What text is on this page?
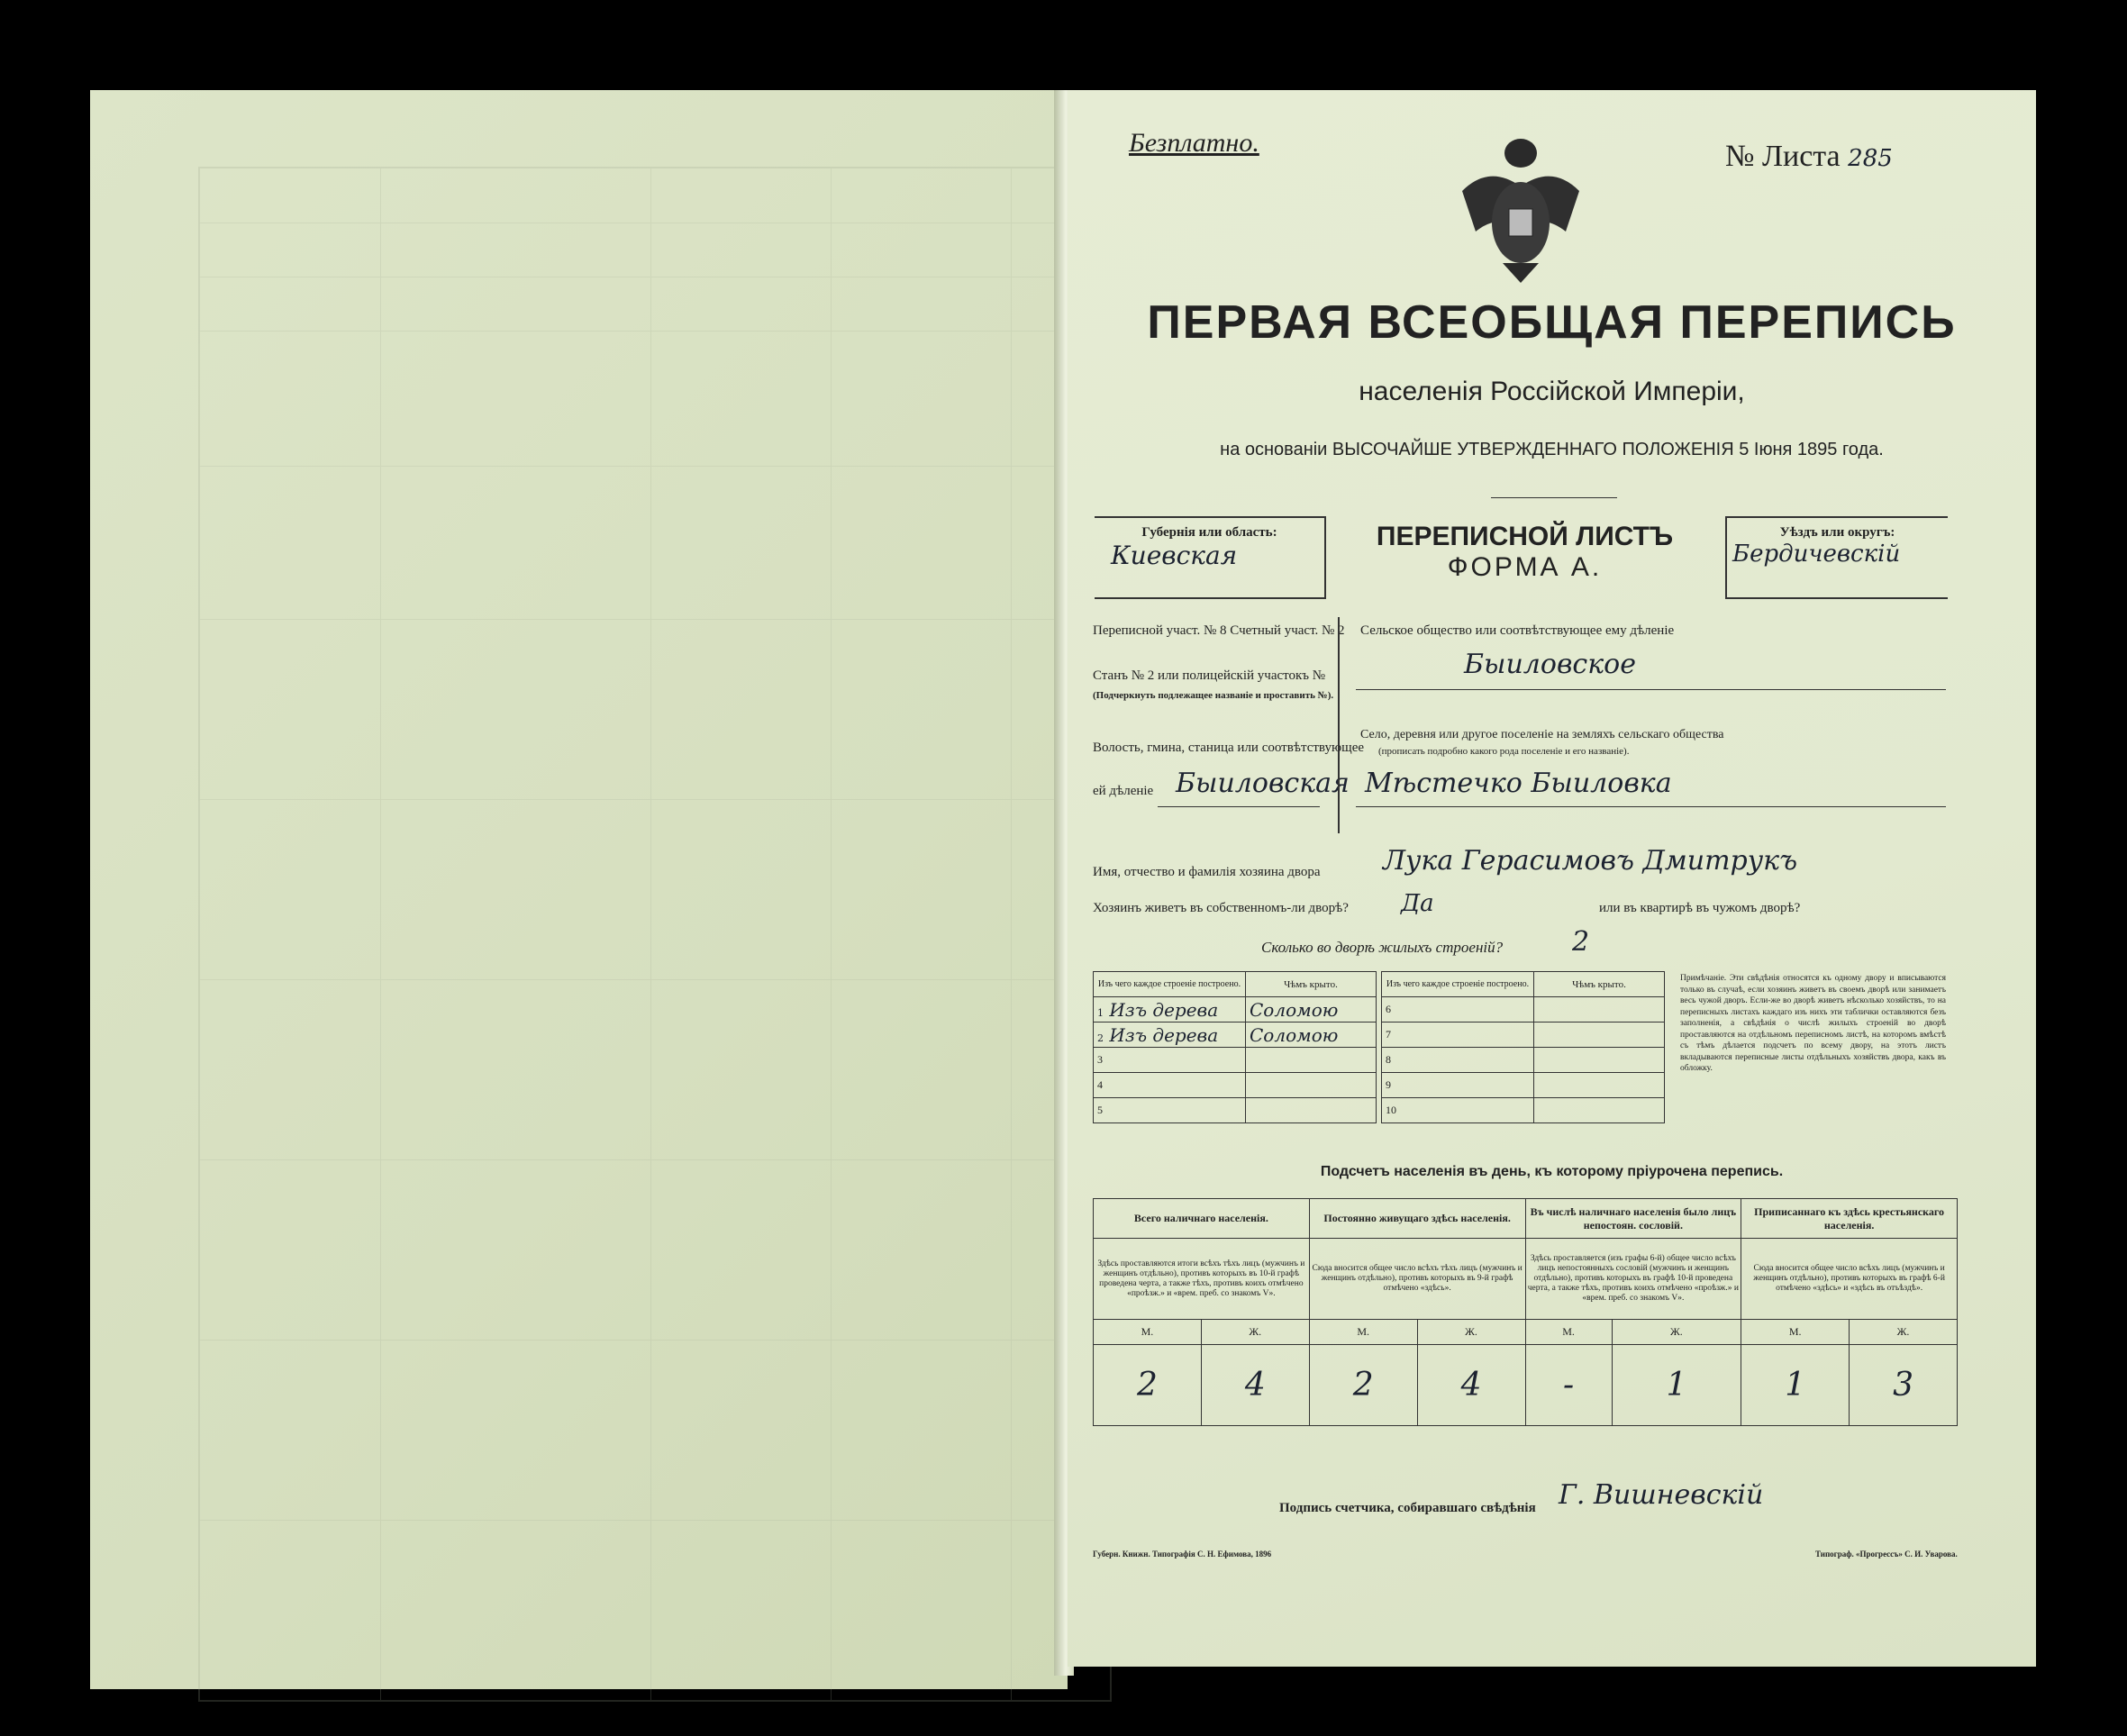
Безплатно.	№ Листа 285
ПЕРВАЯ ВСЕОБЩАЯ ПЕРЕПИСЬ
населенія Россійской Имперіи,
на основаніи ВЫСОЧАЙШЕ УТВЕРЖДЕННАГО ПОЛОЖЕНІЯ 5 Іюня 1895 года.
Губернія или область:
Киевская
ПЕРЕПИСНОЙ ЛИСТЪ
ФОРМА А.
Уѣздъ или округъ:
Бердичевскій
Переписной участ. № 8 Счетный участ. № 2
Станъ № 2 или полицейскій участокъ №
(Подчеркнуть подлежащее названіе и проставить №).
Волость, гмина, станица или соотвѣтствующее
ей дѣленіе Быиловская
Сельское общество или соотвѣтствующее ему дѣленіе
Быиловское
Село, деревня или другое поселеніе на земляхъ сельскаго общества
(прописать подробно какого рода поселеніе и его названіе).
Мѣстечко Быиловка
Имя, отчество и фамилія хозяина двора Лука Герасимовъ Дмитрукъ
Хозяинъ живетъ въ собственномъ-ли дворѣ? Да	или въ квартирѣ въ чужомъ дворѣ?
Сколько во дворѣ жилыхъ строеній?	2
Изъ чего каждое строеніе построено.	Чѣмъ крыто.
1 Изъ дерева	Соломою
2 Изъ дерева	Соломою
3	
4	
5	
Изъ чего каждое строеніе построено.	Чѣмъ крыто.
6	
7	
8	
9	
10	
Примѣчаніе. Эти свѣдѣнія относятся къ одному двору и вписываются только въ случаѣ, если хозяинъ живетъ въ своемъ дворѣ или занимаетъ весь чужой дворъ. Если-же во дворѣ живетъ нѣсколько хозяйствъ, то на переписныхъ листахъ каждаго изъ нихъ эти таблички оставляются безъ заполненія, а свѣдѣнія о числѣ жилыхъ строеній во дворѣ проставляются на отдѣльномъ переписномъ листѣ, на которомъ вмѣстѣ съ тѣмъ дѣлается подсчетъ по всему двору, на этотъ листъ вкладываются переписные листы отдѣльныхъ хозяйствъ двора, какъ въ обложку.
Подсчетъ населенія въ день, къ которому пріурочена перепись.
Всего наличнаго населенія.		Постоянно живущаго здѣсь населенія.		Въ числѣ наличнаго населенія было лицъ непостоян. сословій.		Приписаннаго къ здѣсь крестьянскаго населенія.	
Здѣсь проставляются итоги всѣхъ тѣхъ лицъ (мужчинъ и женщинъ отдѣльно), противъ которыхъ въ 10-й графѣ проведена черта, а также тѣхъ, противъ коихъ отмѣчено «проѣзж.» и «врем. преб. со знакомъ V».		Сюда вносится общее число всѣхъ тѣхъ лицъ (мужчинъ и женщинъ отдѣльно), противъ которыхъ въ 9-й графѣ отмѣчено «здѣсь».		Здѣсь проставляется (изъ графы 6-й) общее число всѣхъ лицъ непостоянныхъ сословій (мужчинъ и женщинъ отдѣльно), противъ которыхъ въ графѣ 10-й проведена черта, а также тѣхъ, противъ коихъ отмѣчено «проѣзж.» и «врем. преб. со знакомъ V».		Сюда вносится общее число всѣхъ лицъ (мужчинъ и женщинъ отдѣльно), противъ которыхъ въ графѣ 6-й отмѣчено «здѣсь» и «здѣсь въ отъѣздѣ».	
М.	Ж.	М.	Ж.	М.	Ж.	М.	Ж.
2	4	2	4	-	1	1	3
Подпись счетчика, собиравшаго свѣдѣнія Г. Вишневскій
Губерн. Книжн. Типографія С. Н. Ефимова, 1896	Типограф. «Прогрессъ» С. И. Уварова.
